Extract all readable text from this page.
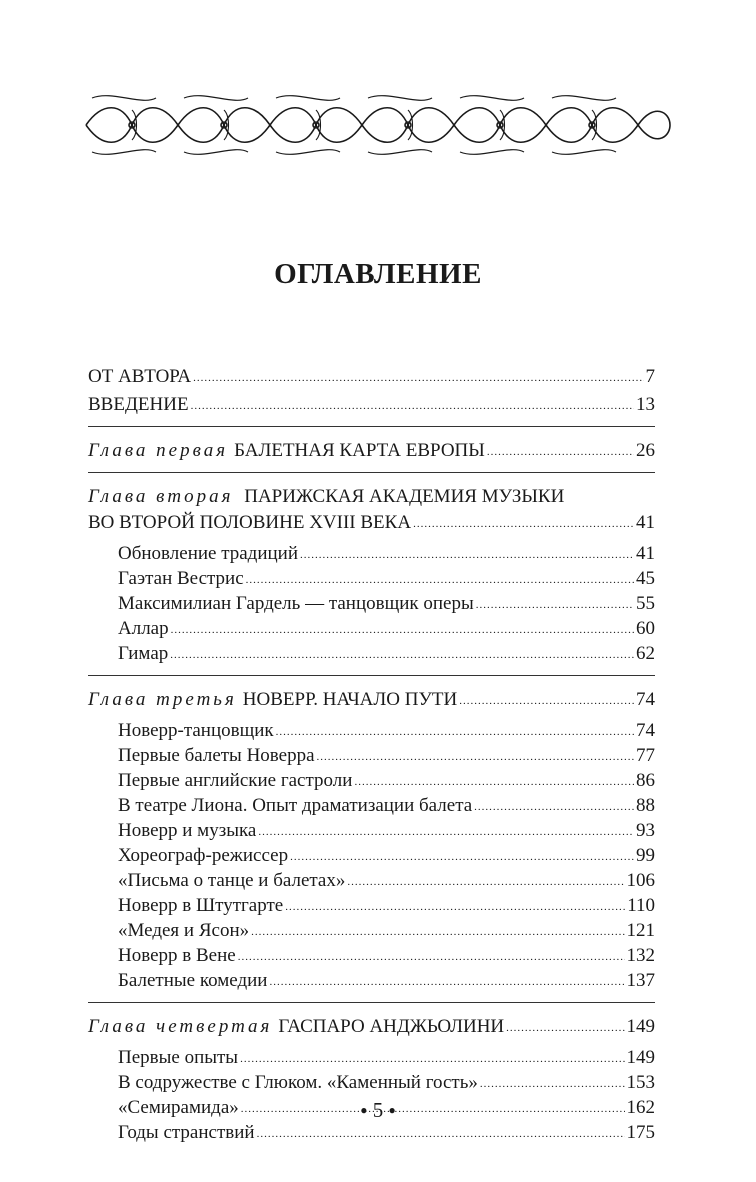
ОГЛАВЛЕНИЕ
ОТ АВТОРА .....	7
ВВЕДЕНИЕ .....	13
Глава первая БАЛЕТНАЯ КАРТА ЕВРОПЫ .....	26
Глава вторая ПАРИЖСКАЯ АКАДЕМИЯ МУЗЫКИ
ВО ВТОРОЙ ПОЛОВИНЕ XVIII ВЕКА .....	41
Обновление традиций .....	41
Гаэтан Вестрис .....	45
Максимилиан Гардель — танцовщик оперы .....	55
Аллар .....	60
Гимар .....	62
Глава третья НОВЕРР. НАЧАЛО ПУТИ .....	74
Новерр-танцовщик .....	74
Первые балеты Новерра .....	77
Первые английские гастроли .....	86
В театре Лиона. Опыт драматизации балета .....	88
Новерр и музыка .....	93
Хореограф-режиссер .....	99
«Письма о танце и балетах» .....	106
Новерр в Штутгарте .....	110
«Медея и Ясон» .....	121
Новерр в Вене .....	132
Балетные комедии .....	137
Глава четвертая ГАСПАРО АНДЖЬОЛИНИ .....	149
Первые опыты .....	149
В содружестве с Глюком. «Каменный гость» .....	153
«Семирамида» .....	162
Годы странствий .....	175
● 5 ●
